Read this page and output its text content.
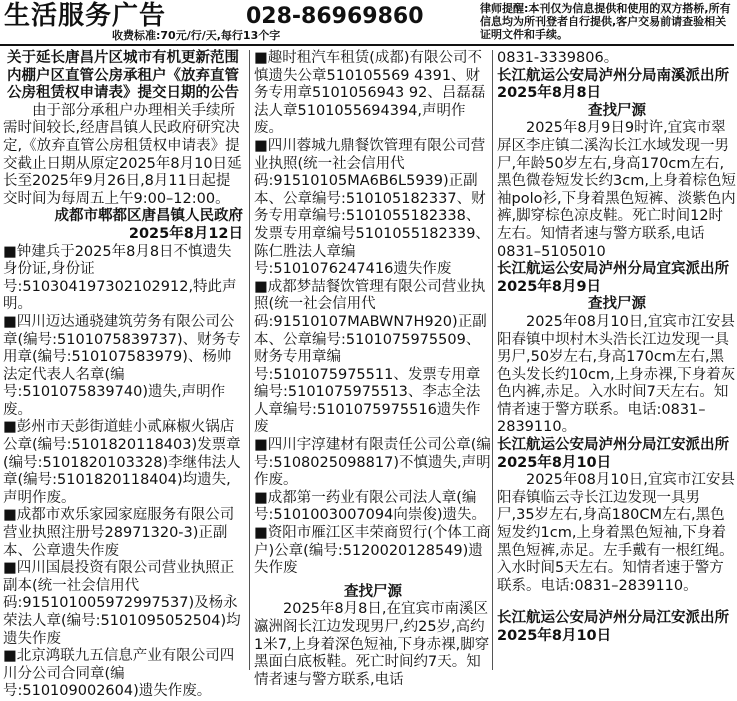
生活服务广告	028-86969860
收费标准:70元/行/天,每行13个字
律师提醒:本刊仅为信息提供和使用的双方搭桥,所有信息均为所刊登者自行提供,客户交易前请查验相关证明文件和手续。

关于延长唐昌片区城市有机更新范围内棚户区直管公房承租户《放弃直管公房租赁权申请表》提交日期的公告

由于部分承租户办理相关手续所需时间较长,经唐昌镇人民政府研究决定,《放弃直管公房租赁权申请表》提交截止日期从原定2025年8月10日延长至2025年9月26日,8月11日起提交时间为每周五上午9:00–12:00。

成都市郫都区唐昌镇人民政府

2025年8月12日

■钟建兵于2025年8月8日不慎遗失身份证,身份证号:510304197302102912,特此声明。
■四川迈达通骁建筑劳务有限公司公章(编号:5101075839737)、财务专用章(编号:510107583979)、杨帅法定代表人名章(编号:5101075839740)遗失,声明作废。
■彭州市天彭街道蛙小贰麻椒火锅店公章(编号:5101820118403)发票章(编号:5101820103328)李继伟法人章(编号:5101820118404)均遗失,声明作废。
■成都市欢乐家园家庭服务有限公司营业执照注册号28971320-3)正副本、公章遗失作废
■四川国晨投资有限公司营业执照正副本(统一社会信用代码:915101005972997537)及杨永荣法人章(编号:5101095052504)均遗失作废
■北京鸿联九五信息产业有限公司四川分公司合同章(编号:510109002604)遗失作废。
■趣时租汽车租赁(成都)有限公司不慎遗失公章510105569 4391、财务专用章5101056943 92、吕磊磊法人章5101055694394,声明作废。
■四川蓉城九鼎餐饮管理有限公司营业执照(统一社会信用代码:91510105MA6B6L5939)正副本、公章编号:510105182337、财务专用章编号:5101055182338、发票专用章编号5101055182339、陈仁胜法人章编号:5101076247416遗失作废
■成都梦喆餐饮管理有限公司营业执照(统一社会信用代码:91510107MABWN7H920)正副本、公章编号:5101075975509、财务专用章编号:5101075975511、发票专用章编号:5101075975513、李志全法人章编号:5101075975516遗失作废
■四川宇淳建材有限责任公司公章(编号:5108025098817)不慎遗失,声明作废。
■成都第一药业有限公司法人章(编号:5101003007094向崇俊)遗失。
■资阳市雁江区丰荣商贸行(个体工商户)公章(编号:5120020128549)遗失作废

查找尸源

2025年8月8日,在宜宾市南溪区瀛洲阁长江边发现男尸,约25岁,高约1米7,上身着深色短袖,下身赤裸,脚穿黑面白底板鞋。死亡时间约7天。知情者速与警方联系,电话

0831-3339806。

长江航运公安局泸州分局南溪派出所 2025年8月8日

查找尸源

2025年8月9日9时许,宜宾市翠屏区李庄镇二溪沟长江水域发现一男尸,年龄50岁左右,身高170cm左右,黑色微卷短发长约3cm,上身着棕色短袖polo衫,下身着黑色短裤、淡紫色内裤,脚穿棕色凉皮鞋。死亡时间12时左右。知情者速与警方联系,电话0831–5105010

长江航运公安局泸州分局宜宾派出所 2025年8月9日

查找尸源

2025年08月10日,宜宾市江安县阳春镇中坝村木头浩长江边发现一具男尸,50岁左右,身高170cm左右,黑色头发长约10cm,上身赤裸,下身着灰色内裤,赤足。入水时间7天左右。知情者速于警方联系。电话:0831–2839110。

长江航运公安局泸州分局江安派出所 2025年8月10日

2025年08月10日,宜宾市江安县阳春镇临云寺长江边发现一具男尸,35岁左右,身高180CM左右,黑色短发约1cm,上身着黑色短袖,下身着黑色短裤,赤足。左手戴有一根红绳。入水时间5天左右。知情者速于警方联系。电话:0831–2839110。

长江航运公安局泸州分局江安派出所 2025年8月10日
